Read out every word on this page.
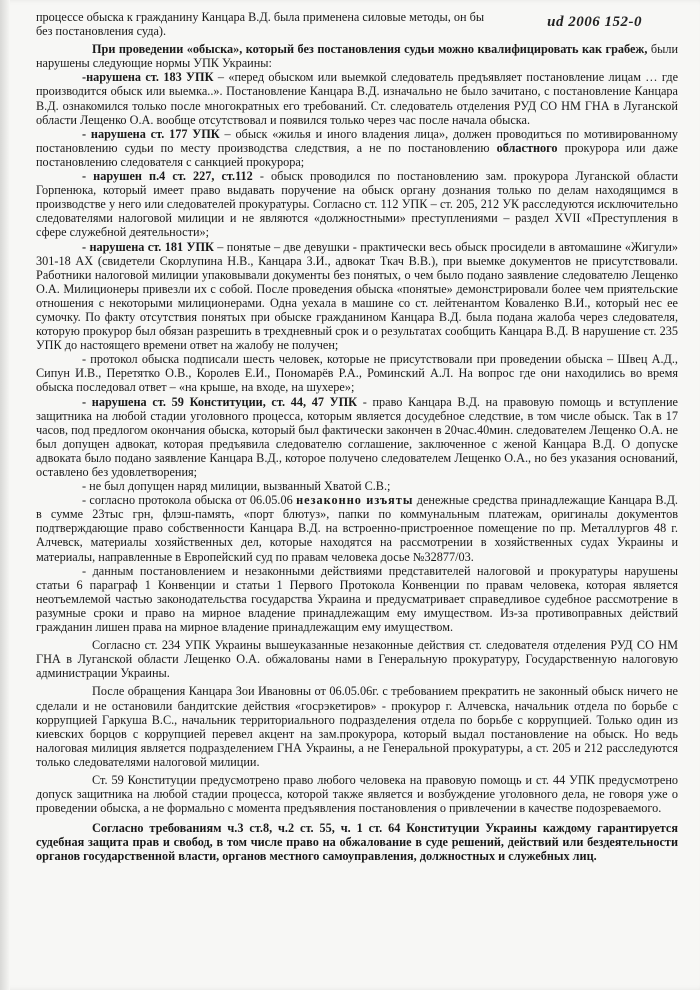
ud 2006 152-0

процессе обыска к гражданину Канцара В.Д. была применена силовые методы, он бы

без постановления суда).

При проведении «обыска», который без постановления судьи можно квалифицировать как грабеж, были нарушены следующие нормы УПК Украины:

-нарушена ст. 183 УПК – «перед обыском или выемкой следователь предъявляет постановление лицам … где производится обыск или выемка..». Постановление Канцара В.Д. изначально не было зачитано, с постановление Канцара В.Д. ознакомился только после многократных его требований. Ст. следователь отделения РУД СО НМ ГНА в Луганской области Лещенко О.А. вообще отсутствовал и появился только через час после начала обыска.

- нарушена ст. 177 УПК – обыск «жилья и иного владения лица», должен проводиться по мотивированному постановлению судьи по месту производства следствия, а не по постановлению областного прокурора или даже постановлению следователя с санкцией прокурора;

- нарушен п.4 ст. 227, ст.112 - обыск проводился по постановлению зам. прокурора Луганской области Горпенюка, который имеет право выдавать поручение на обыск органу дознания только по делам находящимся в производстве у него или следователей прокуратуры. Согласно ст. 112 УПК – ст. 205, 212 УК расследуются исключительно следователями налоговой милиции и не являются «должностными» преступлениями – раздел XVII «Преступления в сфере служебной деятельности»;

- нарушена ст. 181 УПК – понятые – две девушки - практически весь обыск просидели в автомашине «Жигули» 301-18 АХ (свидетели Скорлупина Н.В., Канцара З.И., адвокат Ткач В.В.), при выемке документов не присутствовали. Работники налоговой милиции упаковывали документы без понятых, о чем было подано заявление следователю Лещенко О.А. Милиционеры привезли их с собой. После проведения обыска «понятые» демонстрировали более чем приятельские отношения с некоторыми милиционерами. Одна уехала в машине со ст. лейтенантом Коваленко В.И., который нес ее сумочку. По факту отсутствия понятых при обыске гражданином Канцара В.Д. была подана жалоба через следователя, которую прокурор был обязан разрешить в трехдневный срок и о результатах сообщить Канцара В.Д. В нарушение ст. 235 УПК до настоящего времени ответ на жалобу не получен;

- протокол обыска подписали шесть человек, которые не присутствовали при проведении обыска – Швец А.Д., Сипун И.В., Перетятко О.В., Королев Е.И., Пономарёв Р.А., Роминский А.Л. На вопрос где они находились во время обыска последовал ответ – «на крыше, на входе, на шухере»;

- нарушена ст. 59 Конституции, ст. 44, 47 УПК - право Канцара В.Д. на правовую помощь и вступление защитника на любой стадии уголовного процесса, которым является досудебное следствие, в том числе обыск. Так в 17 часов, под предлогом окончания обыска, который был фактически закончен в 20час.40мин. следователем Лещенко О.А. не был допущен адвокат, которая предъявила следователю соглашение, заключенное с женой Канцара В.Д. О допуске адвоката было подано заявление Канцара В.Д., которое получено следователем Лещенко О.А., но без указания оснований, оставлено без удовлетворения;

- не был допущен наряд милиции, вызванный Хватой С.В.;

- согласно протокола обыска от 06.05.06 незаконно изъяты денежные средства принадлежащие Канцара В.Д. в сумме 23тыс грн, флэш-память, «порт блютуз», папки по коммунальным платежам, оригиналы документов подтверждающие право собственности Канцара В.Д. на встроенно-пристроенное помещение по пр. Металлургов 48 г. Алчевск, материалы хозяйственных дел, которые находятся на рассмотрении в хозяйственных судах Украины и материалы, направленные в Европейский суд по правам человека досье №32877/03.

- данным постановлением и незаконными действиями представителей налоговой и прокуратуры нарушены статьи 6 параграф 1 Конвенции и статьи 1 Первого Протокола Конвенции по правам человека, которая является неотъемлемой частью законодательства государства Украина и предусматривает справедливое судебное рассмотрение в разумные сроки и право на мирное владение принадлежащим ему имуществом. Из-за противоправных действий гражданин лишен права на мирное владение принадлежащим ему имуществом.

Согласно ст. 234 УПК Украины вышеуказанные незаконные действия ст. следователя отделения РУД СО НМ ГНА в Луганской области Лещенко О.А. обжалованы нами в Генеральную прокуратуру, Государственную налоговую администрации Украины.

После обращения Канцара Зои Ивановны от 06.05.06г. с требованием прекратить не законный обыск ничего не сделали и не остановили бандитские действия «госрэкетиров» - прокурор г. Алчевска, начальник отдела по борьбе с коррупцией Гаркуша В.С., начальник территориального подразделения отдела по борьбе с коррупцией. Только один из киевских борцов с коррупцией перевел акцент на зам.прокурора, который выдал постановление на обыск. Но ведь налоговая милиция является подразделением ГНА Украины, а не Генеральной прокуратуры, а ст. 205 и 212 расследуются только следователями налоговой милиции.

Ст. 59 Конституции предусмотрено право любого человека на правовую помощь и ст. 44 УПК предусмотрено допуск защитника на любой стадии процесса, которой также является и возбуждение уголовного дела, не говоря уже о проведении обыска, а не формально с момента предъявления постановления о привлечении в качестве подозреваемого.

Согласно требованиям ч.3 ст.8, ч.2 ст. 55, ч. 1 ст. 64 Конституции Украины каждому гарантируется судебная защита прав и свобод, в том числе право на обжалование в суде решений, действий или бездеятельности органов государственной власти, органов местного самоуправления, должностных и служебных лиц.
